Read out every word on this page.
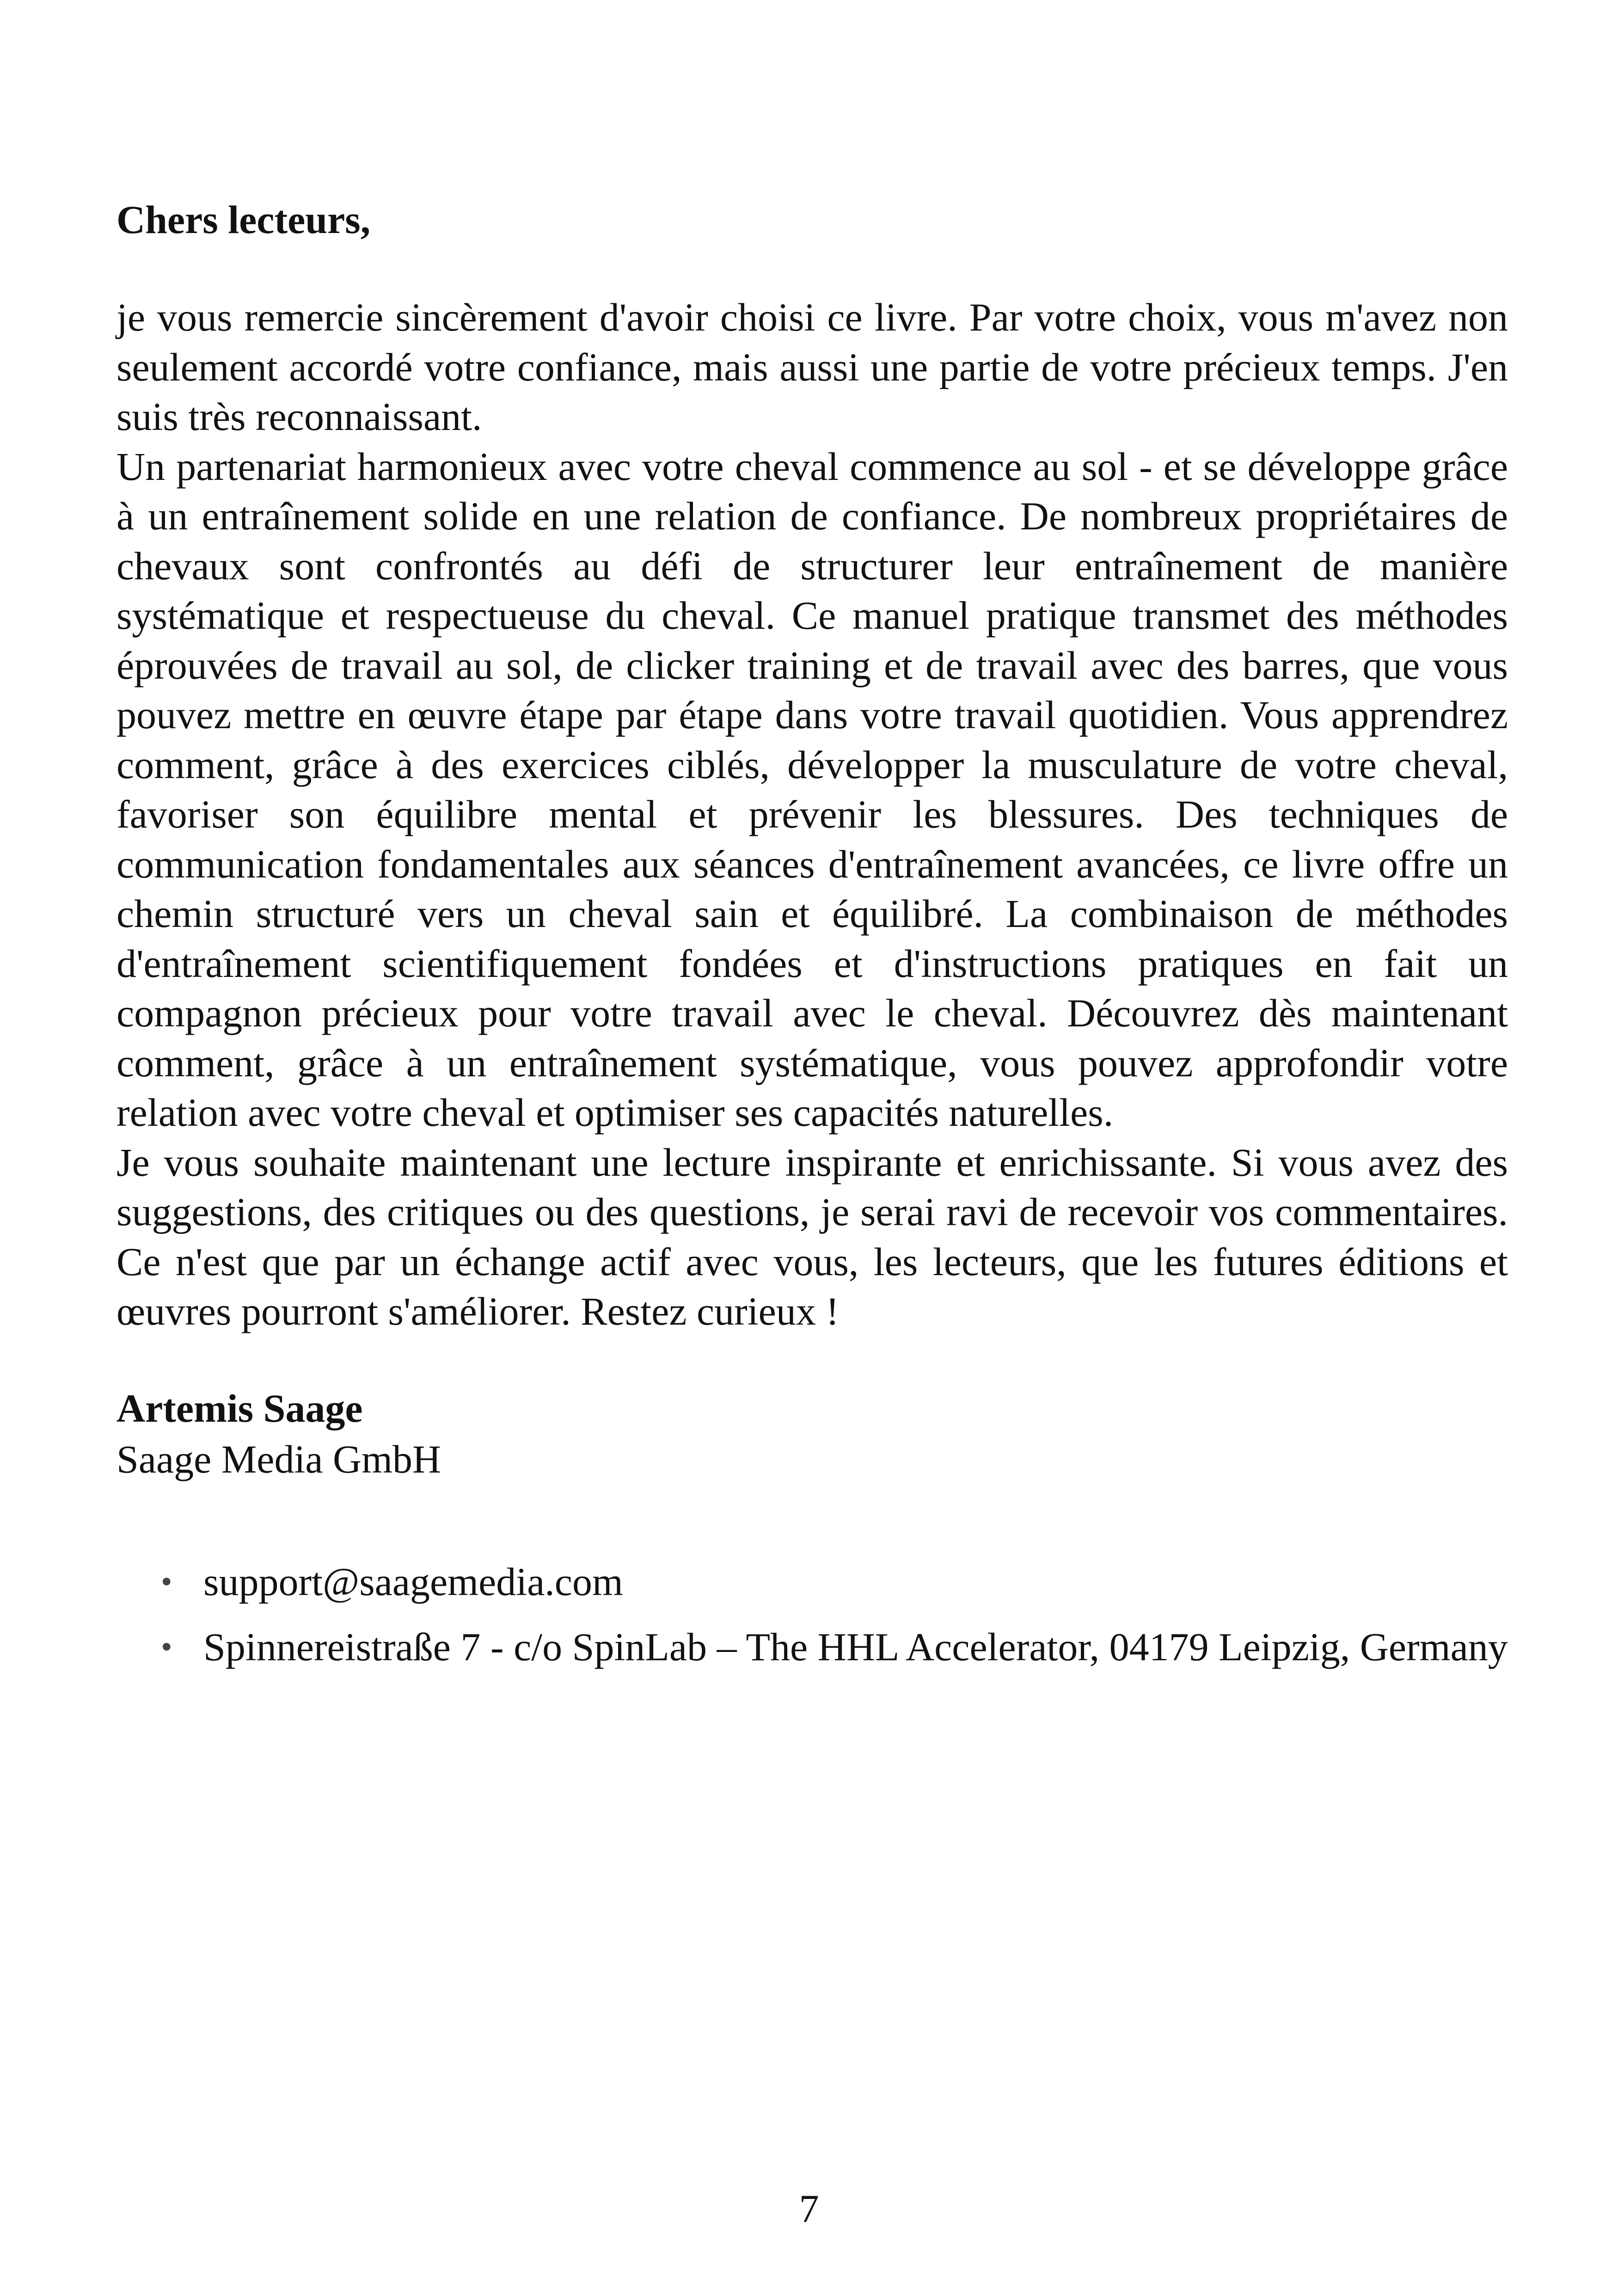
Chers lecteurs,

je vous remercie sincèrement d'avoir choisi ce livre. Par votre choix, vous m'avez non seulement accordé votre confiance, mais aussi une partie de votre précieux temps. J'en suis très reconnaissant.

Un partenariat harmonieux avec votre cheval commence au sol - et se développe grâce à un entraînement solide en une relation de confiance. De nombreux propriétaires de chevaux sont confrontés au défi de structurer leur entraînement de manière systématique et respectueuse du cheval. Ce manuel pratique transmet des méthodes éprouvées de travail au sol, de clicker training et de travail avec des barres, que vous pouvez mettre en œuvre étape par étape dans votre travail quotidien. Vous apprendrez comment, grâce à des exercices ciblés, développer la musculature de votre cheval, favoriser son équilibre mental et prévenir les blessures. Des techniques de communication fondamentales aux séances d'entraînement avancées, ce livre offre un chemin structuré vers un cheval sain et équilibré. La combinaison de méthodes d'entraînement scientifiquement fondées et d'instructions pratiques en fait un compagnon précieux pour votre travail avec le cheval. Découvrez dès maintenant comment, grâce à un entraînement systématique, vous pouvez approfondir votre relation avec votre cheval et optimiser ses capacités naturelles.

Je vous souhaite maintenant une lecture inspirante et enrichissante. Si vous avez des suggestions, des critiques ou des questions, je serai ravi de recevoir vos commentaires. Ce n'est que par un échange actif avec vous, les lecteurs, que les futures éditions et œuvres pourront s'améliorer. Restez curieux !

Artemis Saage

Saage Media GmbH

• support@saagemedia.com
• Spinnereistraße 7 - c/o SpinLab – The HHL Accelerator, 04179 Leipzig, Germany

7
